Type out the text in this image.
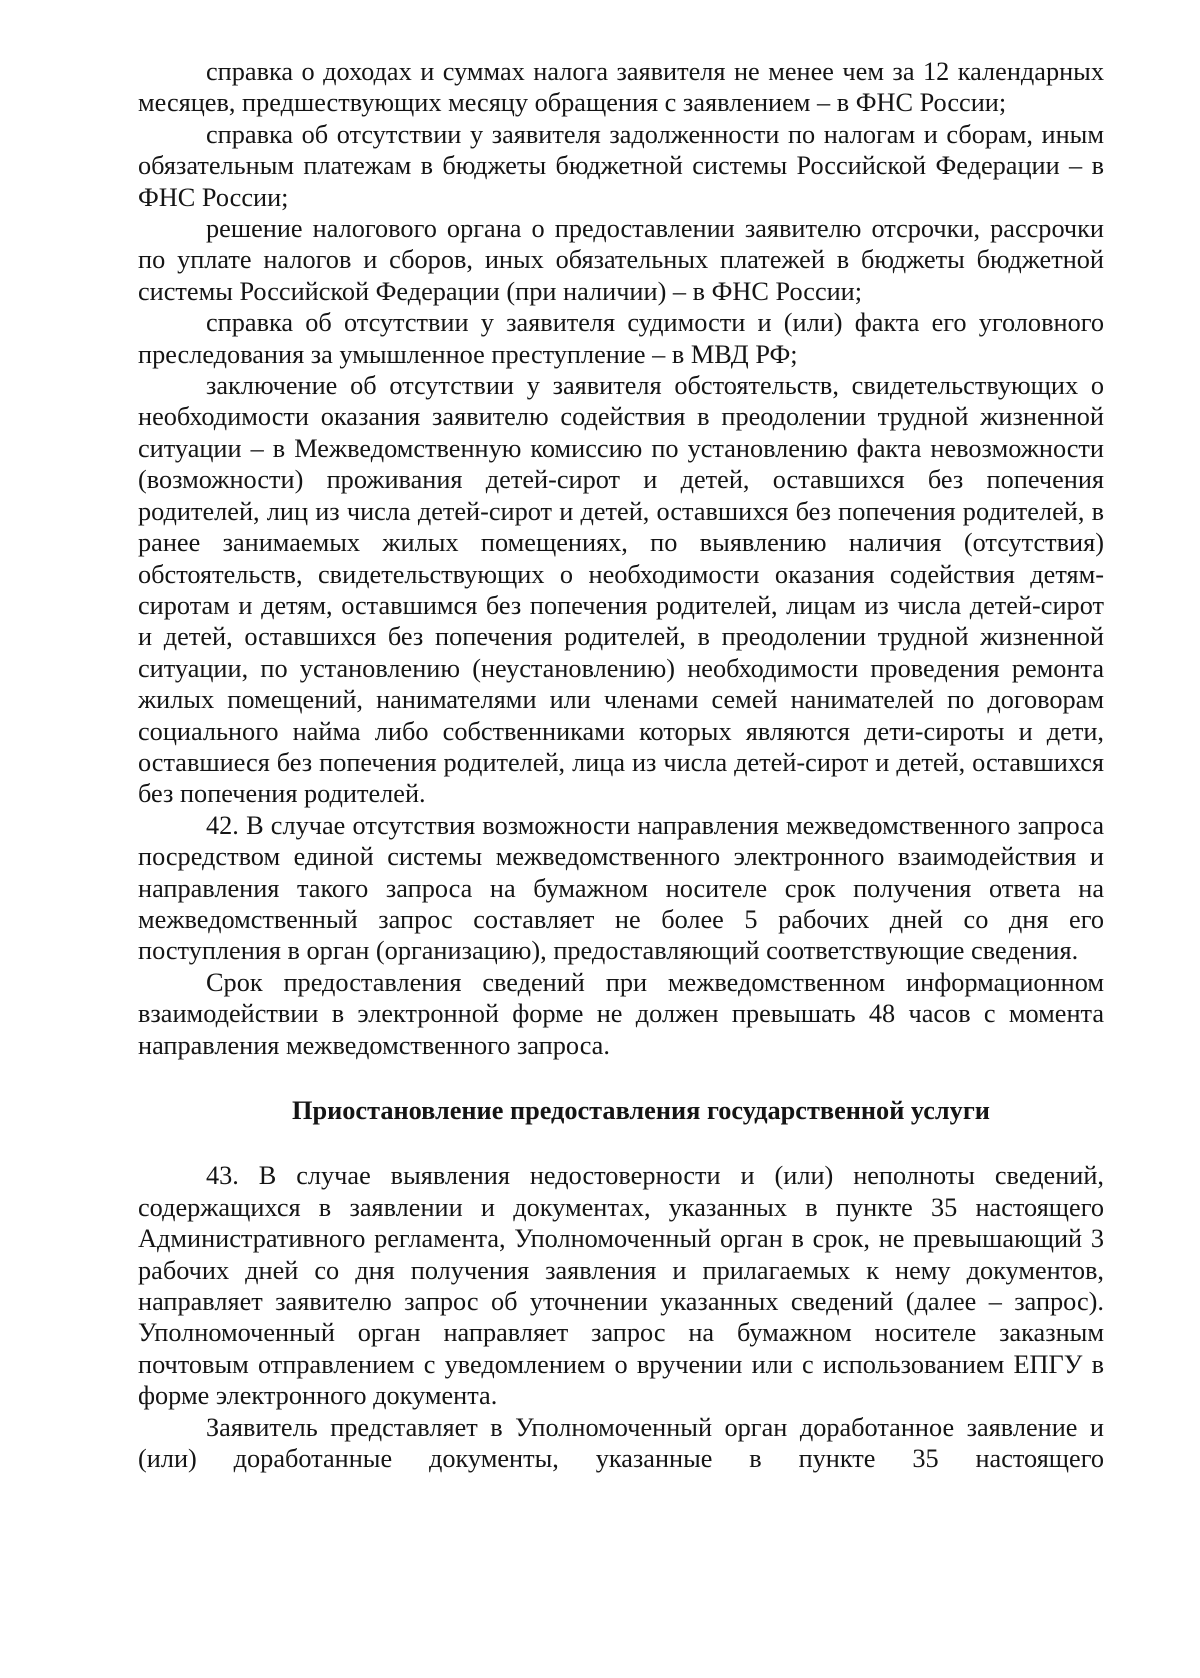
справка о доходах и суммах налога заявителя не менее чем за 12 календарных месяцев, предшествующих месяцу обращения с заявлением – в ФНС России;

справка об отсутствии у заявителя задолженности по налогам и сборам, иным обязательным платежам в бюджеты бюджетной системы Российской Федерации – в ФНС России;

решение налогового органа о предоставлении заявителю отсрочки, рассрочки по уплате налогов и сборов, иных обязательных платежей в бюджеты бюджетной системы Российской Федерации (при наличии) – в ФНС России;

справка об отсутствии у заявителя судимости и (или) факта его уголовного преследования за умышленное преступление – в МВД РФ;

заключение об отсутствии у заявителя обстоятельств, свидетельствующих о необходимости оказания заявителю содействия в преодолении трудной жизненной ситуации – в Межведомственную комиссию по установлению факта невозможности (возможности) проживания детей-сирот и детей, оставшихся без попечения родителей, лиц из числа детей-сирот и детей, оставшихся без попечения родителей, в ранее занимаемых жилых помещениях, по выявлению наличия (отсутствия) обстоятельств, свидетельствующих о необходимости оказания содействия детям-сиротам и детям, оставшимся без попечения родителей, лицам из числа детей-сирот и детей, оставшихся без попечения родителей, в преодолении трудной жизненной ситуации, по установлению (неустановлению) необходимости проведения ремонта жилых помещений, нанимателями или членами семей нанимателей по договорам социального найма либо собственниками которых являются дети-сироты и дети, оставшиеся без попечения родителей, лица из числа детей-сирот и детей, оставшихся без попечения родителей.

42. В случае отсутствия возможности направления межведомственного запроса посредством единой системы межведомственного электронного взаимодействия и направления такого запроса на бумажном носителе срок получения ответа на межведомственный запрос составляет не более 5 рабочих дней со дня его поступления в орган (организацию), предоставляющий соответствующие сведения.

Срок предоставления сведений при межведомственном информационном взаимодействии в электронной форме не должен превышать 48 часов с момента направления межведомственного запроса.

Приостановление предоставления государственной услуги

43. В случае выявления недостоверности и (или) неполноты сведений, содержащихся в заявлении и документах, указанных в пункте 35 настоящего Административного регламента, Уполномоченный орган в срок, не превышающий 3 рабочих дней со дня получения заявления и прилагаемых к нему документов, направляет заявителю запрос об уточнении указанных сведений (далее – запрос). Уполномоченный орган направляет запрос на бумажном носителе заказным почтовым отправлением с уведомлением о вручении или с использованием ЕПГУ в форме электронного документа.

Заявитель представляет в Уполномоченный орган доработанное заявление и (или) доработанные документы, указанные в пункте 35 настоящего
